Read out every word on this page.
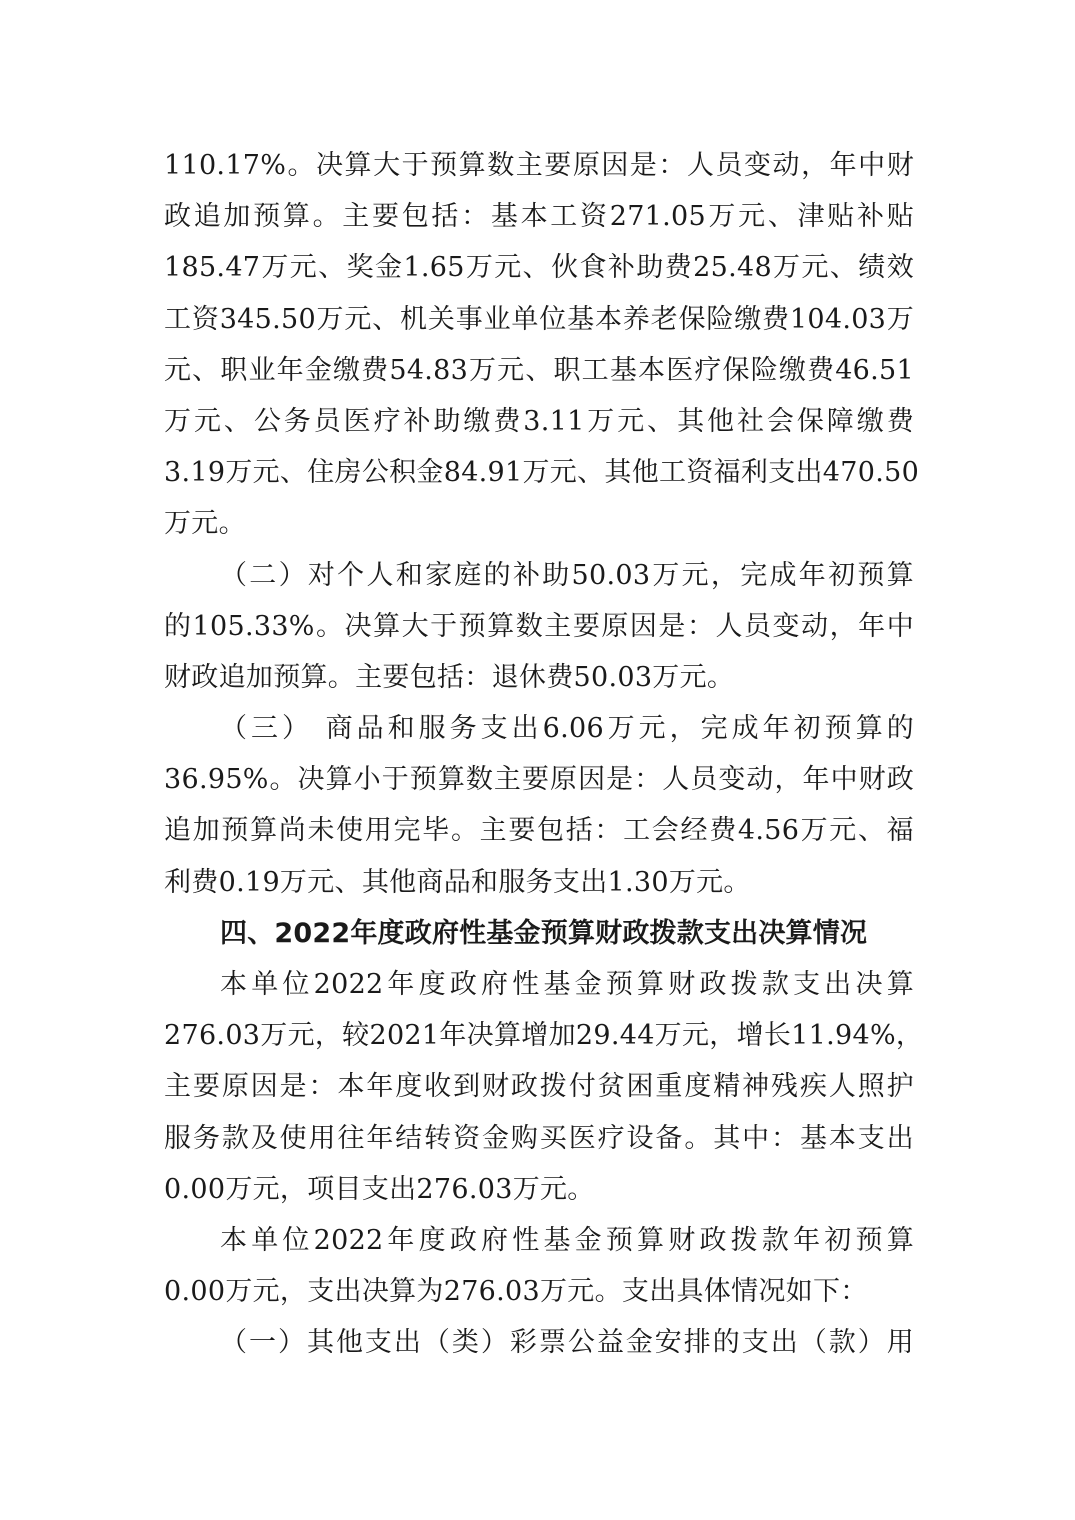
110.17%。决算大于预算数主要原因是：人员变动，年中财
政追加预算。主要包括：基本工资271.05万元、津贴补贴
185.47万元、奖金1.65万元、伙食补助费25.48万元、绩效
工资345.50万元、机关事业单位基本养老保险缴费104.03万
元、职业年金缴费54.83万元、职工基本医疗保险缴费46.51
万元、公务员医疗补助缴费3.11万元、其他社会保障缴费
3.19万元、住房公积金84.91万元、其他工资福利支出470.50
万元。
（二）对个人和家庭的补助50.03万元，完成年初预算
的105.33%。决算大于预算数主要原因是：人员变动，年中
财政追加预算。主要包括：退休费50.03万元。
（三） 商品和服务支出6.06万元，完成年初预算的
36.95%。决算小于预算数主要原因是：人员变动，年中财政
追加预算尚未使用完毕。主要包括：工会经费4.56万元、福
利费0.19万元、其他商品和服务支出1.30万元。
四、2022年度政府性基金预算财政拨款支出决算情况
本单位2022年度政府性基金预算财政拨款支出决算
276.03万元，较2021年决算增加29.44万元，增长11.94%，
主要原因是：本年度收到财政拨付贫困重度精神残疾人照护
服务款及使用往年结转资金购买医疗设备。其中：基本支出
0.00万元，项目支出276.03万元。
本单位2022年度政府性基金预算财政拨款年初预算
0.00万元，支出决算为276.03万元。支出具体情况如下：
（一）其他支出（类）彩票公益金安排的支出（款）用
